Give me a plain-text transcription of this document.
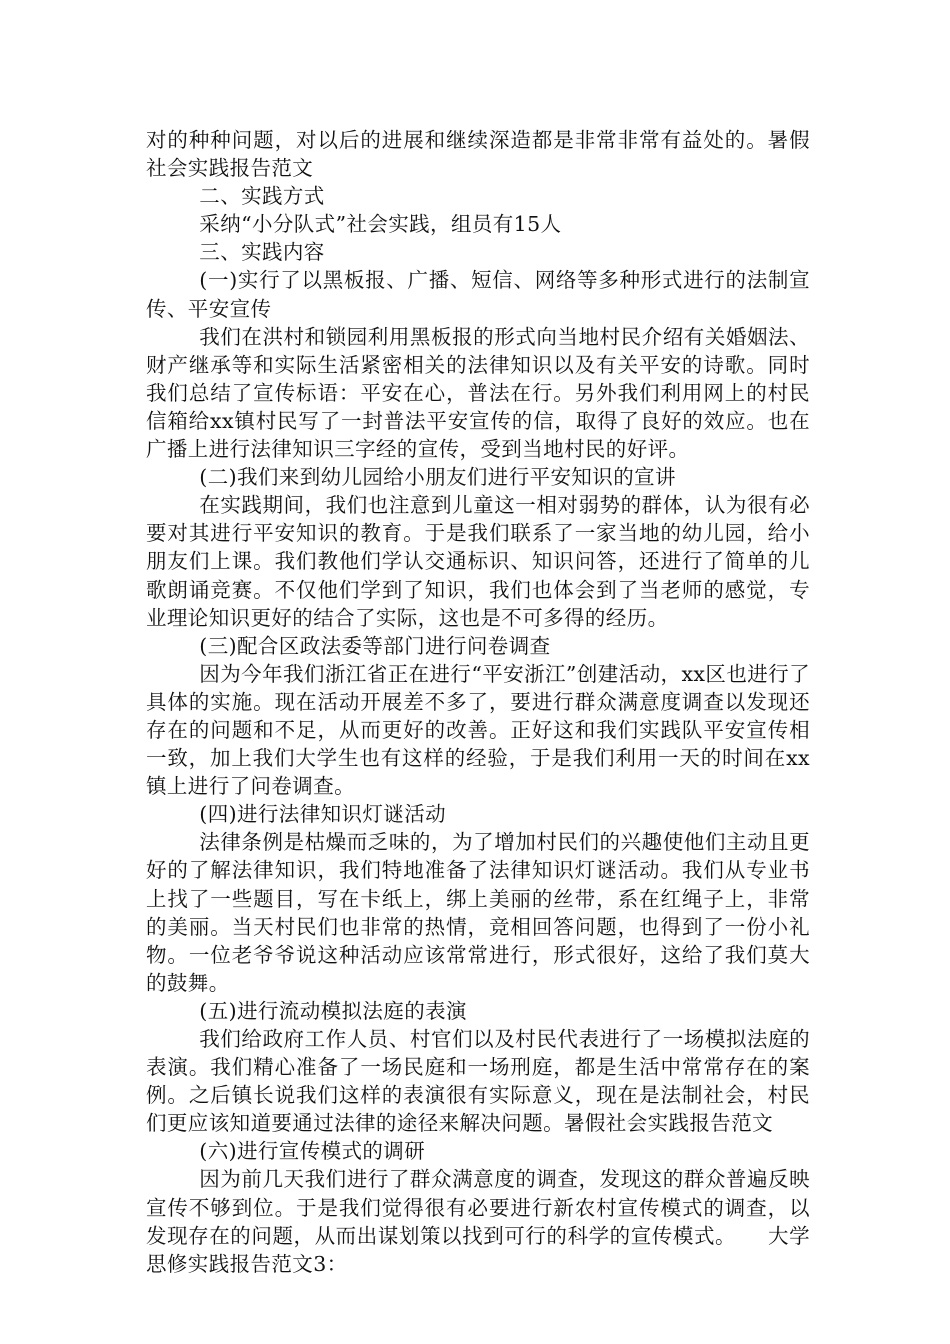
对的种种问题，对以后的进展和继续深造都是非常非常有益处的。暑假社会实践报告范文

二、实践方式

采纳“小分队式”社会实践，组员有15人

三、实践内容

(一)实行了以黑板报、广播、短信、网络等多种形式进行的法制宣传、平安宣传

我们在洪村和锁园利用黑板报的形式向当地村民介绍有关婚姻法、财产继承等和实际生活紧密相关的法律知识以及有关平安的诗歌。同时我们总结了宣传标语：平安在心，普法在行。另外我们利用网上的村民信箱给xx镇村民写了一封普法平安宣传的信，取得了良好的效应。也在广播上进行法律知识三字经的宣传，受到当地村民的好评。

(二)我们来到幼儿园给小朋友们进行平安知识的宣讲

在实践期间，我们也注意到儿童这一相对弱势的群体，认为很有必要对其进行平安知识的教育。于是我们联系了一家当地的幼儿园，给小朋友们上课。我们教他们学认交通标识、知识问答，还进行了简单的儿歌朗诵竞赛。不仅他们学到了知识，我们也体会到了当老师的感觉，专业理论知识更好的结合了实际，这也是不可多得的经历。

(三)配合区政法委等部门进行问卷调查

因为今年我们浙江省正在进行“平安浙江”创建活动，xx区也进行了具体的实施。现在活动开展差不多了，要进行群众满意度调查以发现还存在的问题和不足，从而更好的改善。正好这和我们实践队平安宣传相一致，加上我们大学生也有这样的经验，于是我们利用一天的时间在xx镇上进行了问卷调查。

(四)进行法律知识灯谜活动

法律条例是枯燥而乏味的，为了增加村民们的兴趣使他们主动且更好的了解法律知识，我们特地准备了法律知识灯谜活动。我们从专业书上找了一些题目，写在卡纸上，绑上美丽的丝带，系在红绳子上，非常的美丽。当天村民们也非常的热情，竞相回答问题，也得到了一份小礼物。一位老爷爷说这种活动应该常常进行，形式很好，这给了我们莫大的鼓舞。

(五)进行流动模拟法庭的表演

我们给政府工作人员、村官们以及村民代表进行了一场模拟法庭的表演。我们精心准备了一场民庭和一场刑庭，都是生活中常常存在的案例。之后镇长说我们这样的表演很有实际意义，现在是法制社会，村民们更应该知道要通过法律的途径来解决问题。暑假社会实践报告范文

(六)进行宣传模式的调研

因为前几天我们进行了群众满意度的调查，发现这的群众普遍反映宣传不够到位。于是我们觉得很有必要进行新农村宣传模式的调查，以发现存在的问题，从而出谋划策以找到可行的科学的宣传模式。　　大学思修实践报告范文3：
